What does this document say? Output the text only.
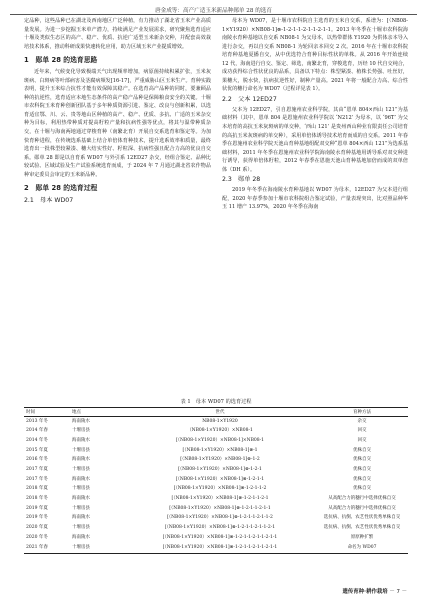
唐金成等：高产广适玉米新品种郧单 28 的选育

定品种，这些品种已在湖北及西南地区广泛种植，有力推动了湖北省玉米产业高质量发展。为进一步挖掘玉米单产潜力，持续满足产业发展需求，研究聚焦选育适应十堰及类似生态区的高产、稳产、优质、抗逆广适型玉米新杂交种，并配套高效栽培技术体系，推动科研成果快速转化应用，助力区域玉米产业提质增效。

1　郧单 28 的选育思路

近年来，气候变化导致极端天气出现频率增加，病原菌持续积累扩张，玉米灰斑病、白斑病等叶部病害及茎腐病频发[16-17]，严重威胁山区玉米生产。育种实践表明，提升玉米综合抗性才能有效保障其稳产。在选育高产品种的同时，要兼顾品种的抗逆性，选育适应本地生态条件的高产稳产品种是保障粮食安全的关键。十堰市农科院玉米育种创新团队基于多年种质资源引进、鉴定、改良与创新积累，以选育适宜鄂、川、云、贵等地山区种植的高产、稳产、优质、多抗、广适的玉米杂交种为目标，利用热带种质对提高籽粒产量和抗病性强等优点，将其与温带种质杂交，在十堰与海南两地通过穿梭育种（南繁北育）开展自交系选育和鉴定等。为加快育种进程，在传统选系基础上结合单倍体育种技术，提升选系效率和质量，最终选育出一批株型较紧凑、穗大结实性好、籽粒深、抗病性强且配合力高的优良自交系。郧单 28 即是以自育系 WD07 与外引系 12ED27 杂交，经组合鉴定、品种比较试验、区域试验及生产试验系统选育而成，于 2024 年 7 月通过湖北省农作物品种审定委员会审定的玉米新品种。

2　郧单 28 的选育过程
2.1　母本 WD07

母本为 WD07，是十堰市农科院自主选育的玉米自交系，系谱为：[（NB08-1×Y1920）×NB08-1]⊗-1-2-1-1-2-1-1-2-1-1。2013 年冬季在十堰市农科院海南陵水育种基地以自交系 NB08-1 为父母本，以热带群体 Y1920 为供体亲本导入进行杂交，再以自交系 NB08-1 为轮回亲本回交 2 次。2016 年在十堰市农科院培育种基地夏播自交，从中优选符合育种目标性状的单株。从 2016 年开始连续 12 代，海南进行自交、鉴定、筛选，南繁北育，穿梭选育，历经 10 代自交纯合，成功获得综合性状优良的品系，具备以下特点：株型紧凑、植株长势强、吐丝好，果穗大，脱水快，抗病抗逆性好，制种产量高。2021 年将一般配合力高、综合性状优的穗行命名为 WD07（过程详见表 1）。

2.2　父本 12ED27

父本为 12ED27，引自恩施州农业科学院，其由“恩单 804×西山 121”为基础材料（其中，恩单 804 是恩施州农业科学院以 ‘N212’ 为母本，以 ‘96T’ 为父本培育的高抗玉米灰斑病的单交种，‘西山 121’ 是贵州西山种业有限责任公司培育的高抗玉米灰斑病的单交种），采用单倍体诱导技术培育而成的自交系。2011 年春季在恩施州农业科学院天池山育种基地组配双交种“恩单 804×西山 121”为选系基础材料，2011 年冬季在恩施州农业科学院海南陵水育种基地用诱导系对双交种进行诱导，获得单倍体籽粒，2012 年春季在恩施天池山育种基地加倍而成的双单倍体（DH 系）。

2.3　郧单 28

2019 年冬季在海南陵水育种基地以 WD07 为母本，12ED27 为父本进行组配，2020 年春季参加十堰市农科院组合鉴定试验，产量表现突出，比对照品种华玉 11 增产 13.97%，2020 年冬季在海南

表 1　母本 WD07 的选育过程
时间	地点	世代	育种方法
2013 年冬	海南陵水	NB08-1×Y1920	杂交
2014 年春	十堰房县	（NB08-1×Y1920）×NB08-1	回交
2014 年冬	海南陵水	[（NB08-1×Y1920）×NB08-1]×NB08-1	回交
2015 年夏	十堰房县	[（NB08-1×Y1920）×NB08-1]⊗-1	优株自交
2016 年冬	海南陵水	[（NB08-1×Y1920）×NB08-1]⊗-1-2	优株自交
2017 年夏	十堰房县	[（NB08-1×Y1920）×NB08-1]⊗-1-2-1	优株自交
2017 年冬	海南陵水	[（NB08-1×Y1920）×NB08-1]⊗-1-2-1-1	优株自交
2018 年夏	十堰房县	[（NB08-1×Y1920）×NB08-1]⊗-1-2-1-1-2	优株自交
2018 年冬	海南陵水	[（NB08-1×Y1920）×NB08-1]⊗-1-2-1-1-2-1	从高配合力的穗行中选择优株自交
2019 年夏	十堰房县	[（NB08-1×Y1920）×NB08-1]⊗-1-2-1-1-2-1-1	从高配合力的穗行中选择优株自交
2019 年冬	海南陵水	[（NB08-1×Y1920）×NB08-1]⊗-1-2-1-1-2-1-1-2	选抗病、抗倒、农艺性状优秀单株自交
2020 年夏	十堰房县	[（NB08-1×Y1920）×NB08-1]⊗-1-2-1-1-2-1-1-2-1	选抗病、抗倒、农艺性状优秀单株自交
2020 年冬	海南陵水	[（NB08-1×Y1920）×NB08-1]⊗-1-2-1-1-2-1-1-2-1-1	原原种扩繁
2021 年春	十堰房县	[（NB08-1×Y1920）×NB08-1]⊗-1-2-1-1-2-1-1-2-1-1	命名为 WD07
遗传育种·耕作栽培 － 7 －
